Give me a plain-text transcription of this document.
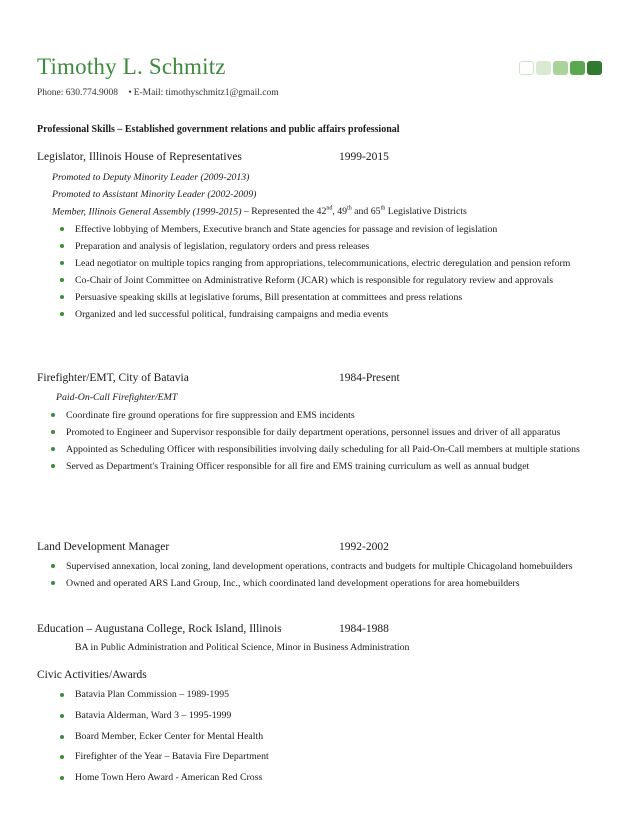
Timothy L. Schmitz
Phone: 630.774.9008 • E-Mail: timothyschmitz1@gmail.com
Professional Skills – Established government relations and public affairs professional
Legislator, Illinois House of Representatives	1999-2015
Promoted to Deputy Minority Leader (2009-2013)
Promoted to Assistant Minority Leader (2002-2009)
Member, Illinois General Assembly (1999-2015) – Represented the 42nd, 49th and 65th Legislative Districts
Effective lobbying of Members, Executive branch and State agencies for passage and revision of legislation
Preparation and analysis of legislation, regulatory orders and press releases
Lead negotiator on multiple topics ranging from appropriations, telecommunications, electric deregulation and pension reform
Co-Chair of Joint Committee on Administrative Reform (JCAR) which is responsible for regulatory review and approvals
Persuasive speaking skills at legislative forums, Bill presentation at committees and press relations
Organized and led successful political, fundraising campaigns and media events
Firefighter/EMT, City of Batavia	1984-Present
Paid-On-Call Firefighter/EMT
Coordinate fire ground operations for fire suppression and EMS incidents
Promoted to Engineer and Supervisor responsible for daily department operations, personnel issues and driver of all apparatus
Appointed as Scheduling Officer with responsibilities involving daily scheduling for all Paid-On-Call members at multiple stations
Served as Department's Training Officer responsible for all fire and EMS training curriculum as well as annual budget
Land Development Manager	1992-2002
Supervised annexation, local zoning, land development operations, contracts and budgets for multiple Chicagoland homebuilders
Owned and operated ARS Land Group, Inc., which coordinated land development operations for area homebuilders
Education – Augustana College, Rock Island, Illinois	1984-1988
BA in Public Administration and Political Science, Minor in Business Administration
Civic Activities/Awards
Batavia Plan Commission – 1989-1995
Batavia Alderman, Ward 3 – 1995-1999
Board Member, Ecker Center for Mental Health
Firefighter of the Year – Batavia Fire Department
Home Town Hero Award - American Red Cross
